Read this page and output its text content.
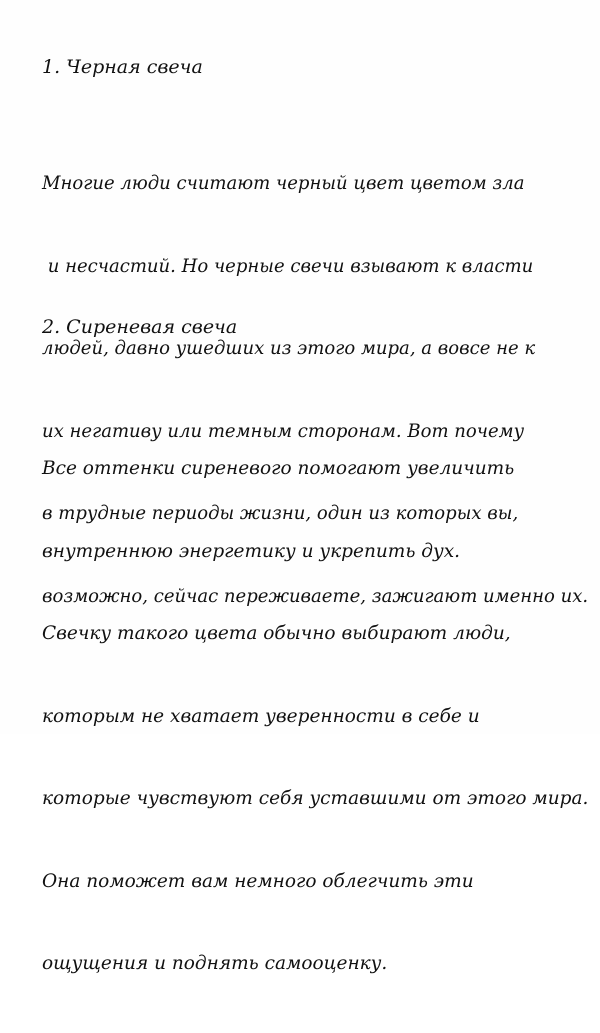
1. Черная свеча

Многие люди считают черный цвет цветом зла

и несчастий. Но черные свечи взывают к власти

людей, давно ушедших из этого мира, а вовсе не к

их негативу или темным сторонам. Вот почему

в трудные периоды жизни, один из которых вы,

возможно, сейчас переживаете, зажигают именно их.

2. Сиреневая свеча

Все оттенки сиреневого помогают увеличить

внутреннюю энергетику и укрепить дух.

Свечку такого цвета обычно выбирают люди,

которым не хватает уверенности в себе и

которые чувствуют себя уставшими от этого мира.

Она поможет вам немного облегчить эти

ощущения и поднять самооценку.
